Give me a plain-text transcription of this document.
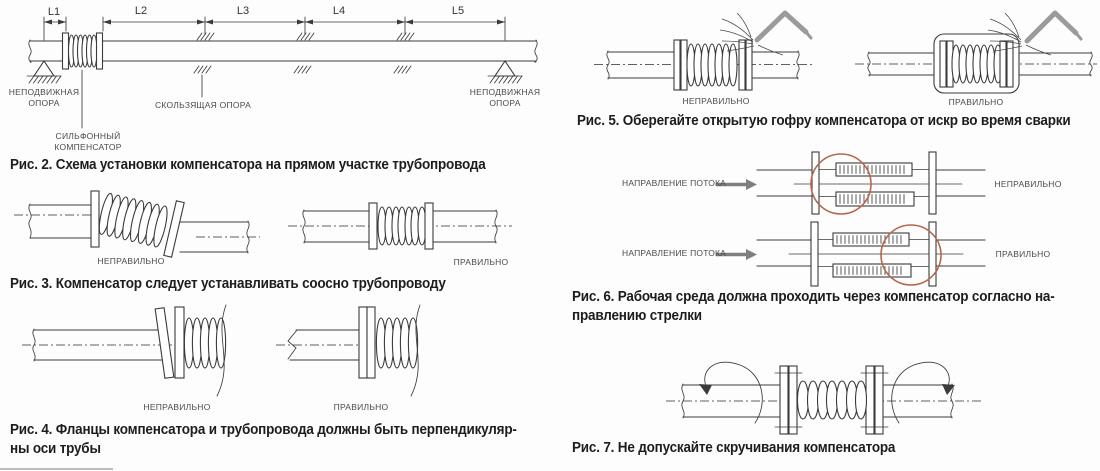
L1	L2	L3	L4	L5
НЕПОДВИЖНАЯ
ОПОРА
НЕПОДВИЖНАЯ
ОПОРА
СКОЛЬЗЯЩАЯ ОПОРА
СИЛЬФОННЫЙ
КОМПЕНСАТОР
Рис. 2. Схема установки компенсатора на прямом участке трубопровода
НЕПРАВИЛЬНО	ПРАВИЛЬНО
Рис. 3. Компенсатор следует устанавливать соосно трубопроводу
НЕПРАВИЛЬНО	ПРАВИЛЬНО
Рис. 4. Фланцы компенсатора и трубопровода должны быть перпендикуляр-
ны оси трубы
НЕПРАВИЛЬНО	ПРАВИЛЬНО
Рис. 5. Оберегайте открытую гофру компенсатора от искр во время сварки
НАПРАВЛЕНИЕ ПОТОКА
НАПРАВЛЕНИЕ ПОТОКА
НЕПРАВИЛЬНО
ПРАВИЛЬНО
Рис. 6. Рабочая среда должна проходить через компенсатор согласно на-
правлению стрелки
Рис. 7. Не допускайте скручивания компенсатора
